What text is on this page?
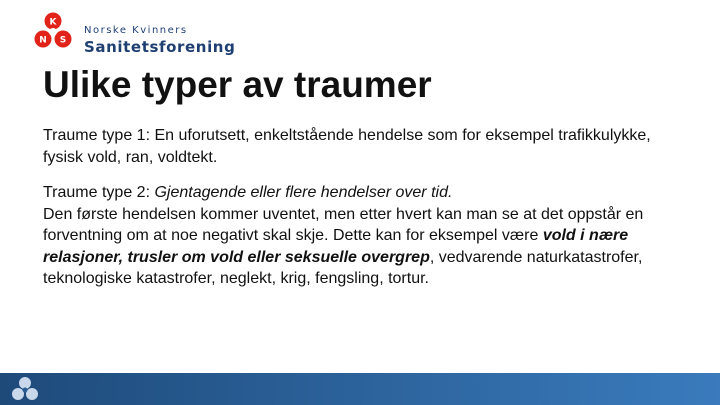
K
N S
Norske Kvinners
Sanitetsforening
Ulike typer av traumer

Traume type 1: En uforutsett, enkeltstående hendelse som for eksempel trafikkulykke, fysisk vold, ran, voldtekt.

Traume type 2: Gjentagende eller flere hendelser over tid.
Den første hendelsen kommer uventet, men etter hvert kan man se at det oppstår en forventning om at noe negativt skal skje. Dette kan for eksempel være vold i nære relasjoner, trusler om vold eller seksuelle overgrep, vedvarende naturkatastrofer, teknologiske katastrofer, neglekt, krig, fengsling, tortur.
